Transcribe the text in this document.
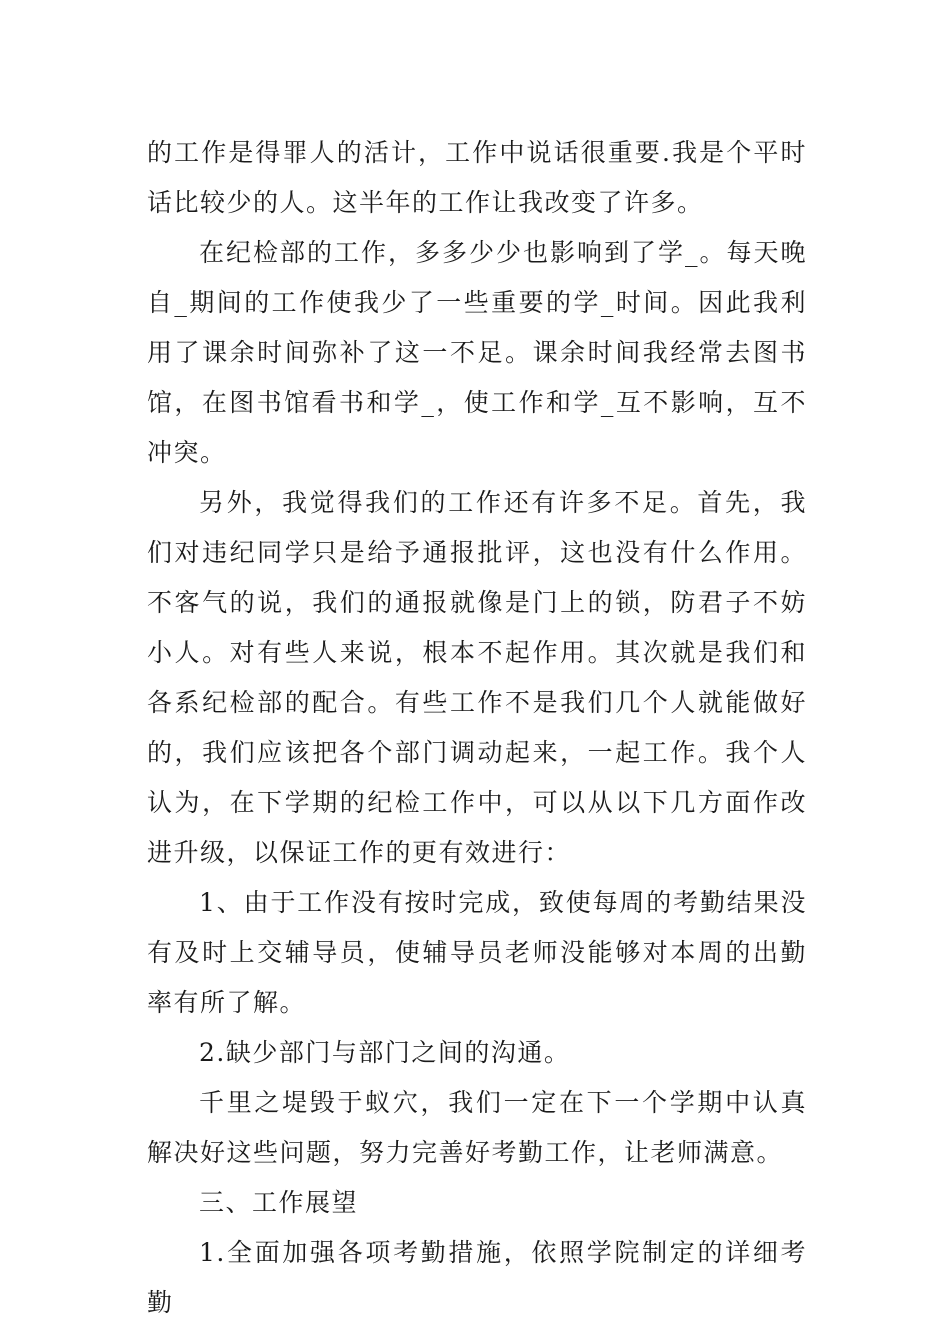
的工作是得罪人的活计，工作中说话很重要.我是个平时话比较少的人。这半年的工作让我改变了许多。

在纪检部的工作，多多少少也影响到了学_。每天晚自_期间的工作使我少了一些重要的学_时间。因此我利用了课余时间弥补了这一不足。课余时间我经常去图书馆，在图书馆看书和学_，使工作和学_互不影响，互不冲突。

另外，我觉得我们的工作还有许多不足。首先，我们对违纪同学只是给予通报批评，这也没有什么作用。不客气的说，我们的通报就像是门上的锁，防君子不妨小人。对有些人来说，根本不起作用。其次就是我们和各系纪检部的配合。有些工作不是我们几个人就能做好的，我们应该把各个部门调动起来，一起工作。我个人认为，在下学期的纪检工作中，可以从以下几方面作改进升级，以保证工作的更有效进行：

1、由于工作没有按时完成，致使每周的考勤结果没有及时上交辅导员，使辅导员老师没能够对本周的出勤率有所了解。

2.缺少部门与部门之间的沟通。

千里之堤毁于蚁穴，我们一定在下一个学期中认真解决好这些问题，努力完善好考勤工作，让老师满意。

三、工作展望

1.全面加强各项考勤措施，依照学院制定的详细考勤
